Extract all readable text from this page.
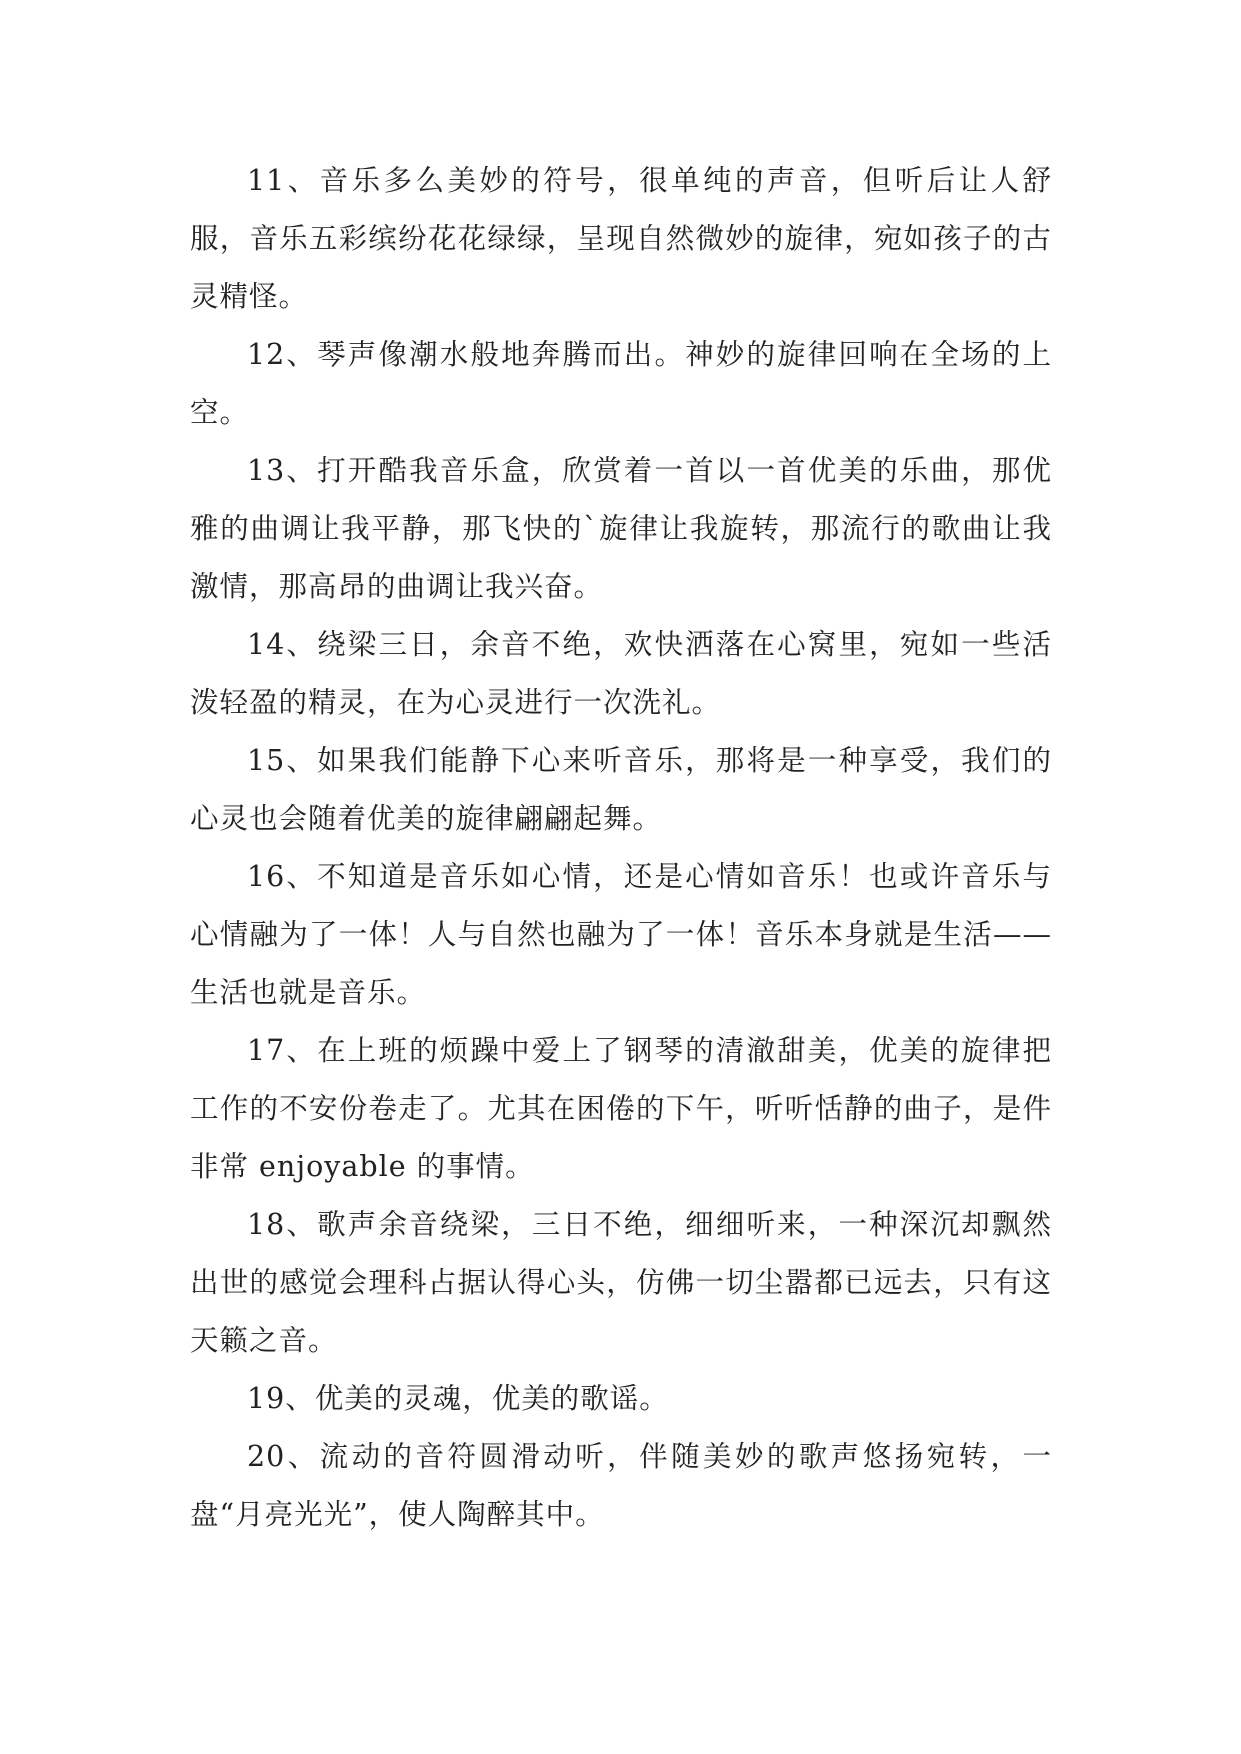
11、音乐多么美妙的符号，很单纯的声音，但听后让人舒服，音乐五彩缤纷花花绿绿，呈现自然微妙的旋律，宛如孩子的古灵精怪。

12、琴声像潮水般地奔腾而出。神妙的旋律回响在全场的上空。

13、打开酷我音乐盒，欣赏着一首以一首优美的乐曲，那优雅的曲调让我平静，那飞快的`旋律让我旋转，那流行的歌曲让我激情，那高昂的曲调让我兴奋。

14、绕梁三日，余音不绝，欢快洒落在心窝里，宛如一些活泼轻盈的精灵，在为心灵进行一次洗礼。

15、如果我们能静下心来听音乐，那将是一种享受，我们的心灵也会随着优美的旋律翩翩起舞。

16、不知道是音乐如心情，还是心情如音乐！也或许音乐与心情融为了一体！人与自然也融为了一体！音乐本身就是生活——生活也就是音乐。

17、在上班的烦躁中爱上了钢琴的清澈甜美，优美的旋律把工作的不安份卷走了。尤其在困倦的下午，听听恬静的曲子，是件非常 enjoyable 的事情。

18、歌声余音绕梁，三日不绝，细细听来，一种深沉却飘然出世的感觉会理科占据认得心头，仿佛一切尘嚣都已远去，只有这天籁之音。

19、优美的灵魂，优美的歌谣。

20、流动的音符圆滑动听，伴随美妙的歌声悠扬宛转，一盘“月亮光光”，使人陶醉其中。
